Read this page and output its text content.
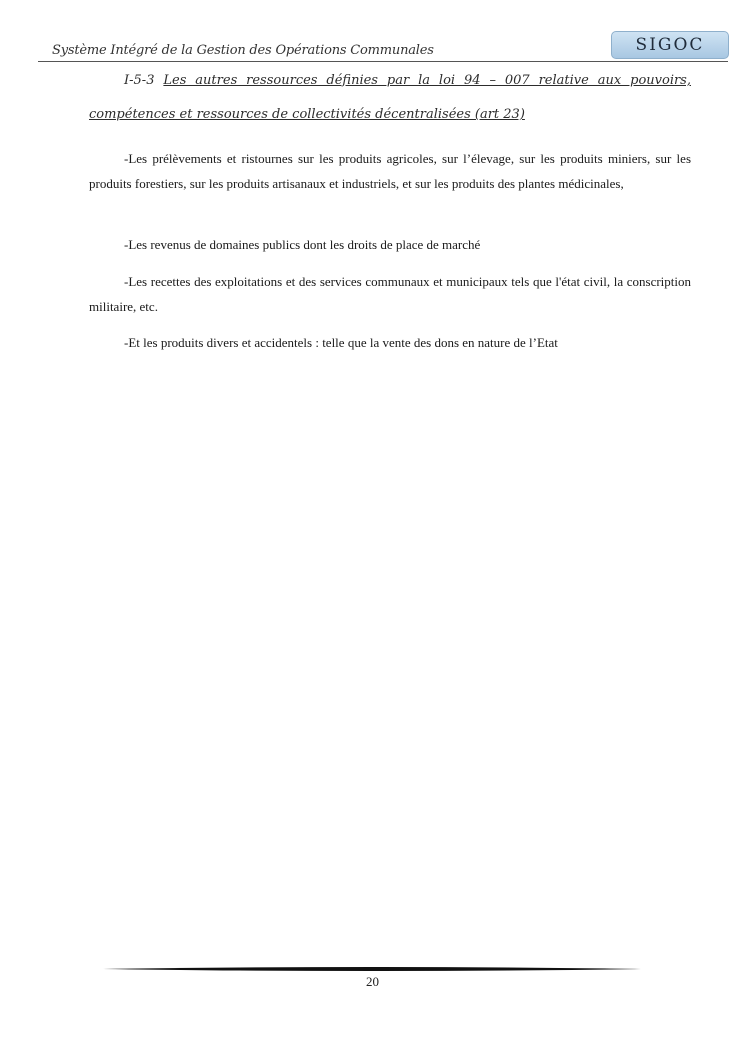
Système Intégré de la Gestion des Opérations Communales	SIGOC
I-5-3 Les autres ressources définies par la loi 94 – 007 relative aux pouvoirs, compétences et ressources de collectivités décentralisées (art 23)

-Les prélèvements et ristournes sur les produits agricoles, sur l’élevage, sur les produits miniers, sur les produits forestiers, sur les produits artisanaux et industriels, et sur les produits des plantes médicinales,

-Les revenus de domaines publics dont les droits de place de marché

-Les recettes des exploitations et des services communaux et municipaux tels que l'état civil, la conscription militaire, etc.

-Et les produits divers et accidentels : telle que la vente des dons en nature de l’Etat

20
